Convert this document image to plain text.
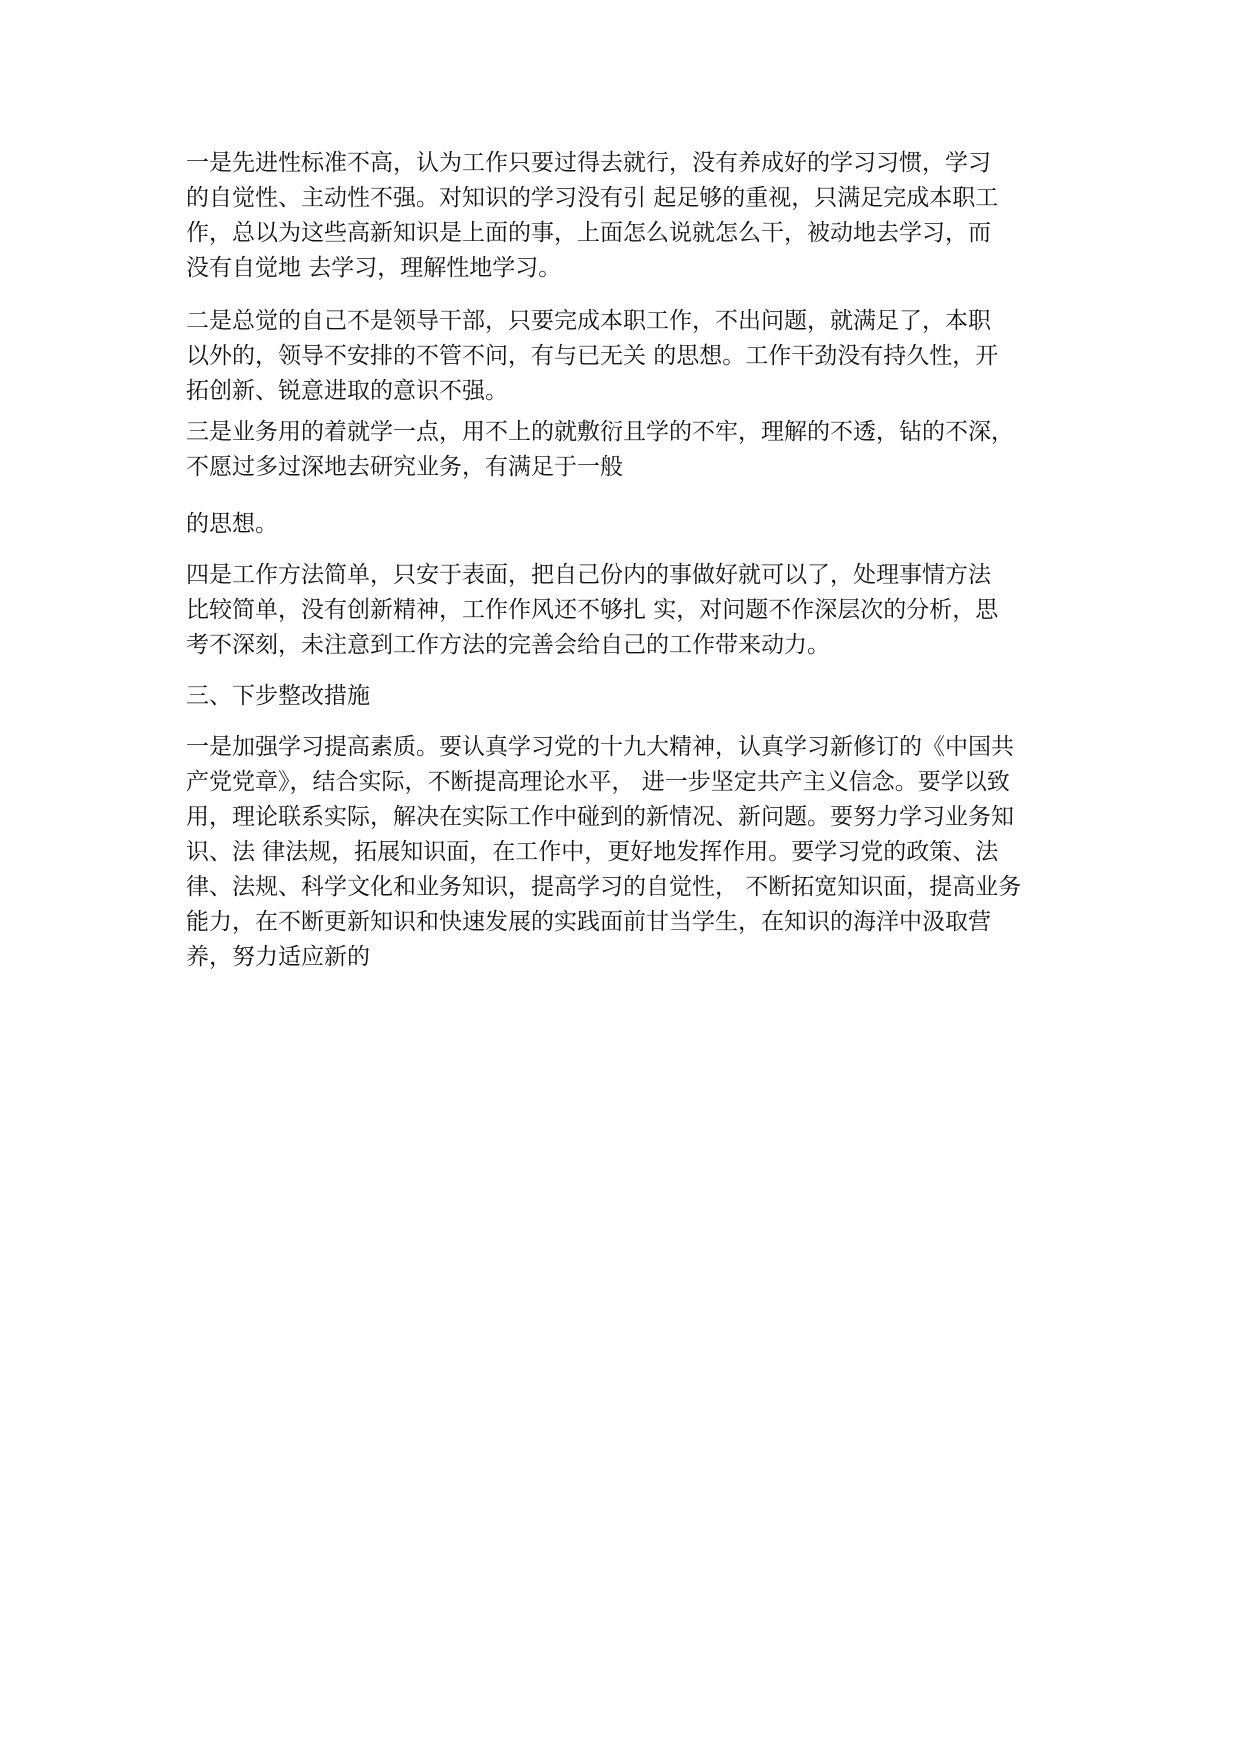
一是先进性标准不高，认为工作只要过得去就行，没有养成好的学习习惯，学习
的自觉性、主动性不强。对知识的学习没有引 起足够的重视，只满足完成本职工
作，总以为这些高新知识是上面的事，上面怎么说就怎么干，被动地去学习，而
没有自觉地 去学习，理解性地学习。

二是总觉的自己不是领导干部，只要完成本职工作，不出问题，就满足了，本职
以外的，领导不安排的不管不问，有与已无关 的思想。工作干劲没有持久性，开
拓创新、锐意进取的意识不强。

三是业务用的着就学一点，用不上的就敷衍且学的不牢，理解的不透，钻的不深，
不愿过多过深地去研究业务，有满足于一般

的思想。

四是工作方法简单，只安于表面，把自己份内的事做好就可以了，处理事情方法
比较简单，没有创新精神，工作作风还不够扎 实，对问题不作深层次的分析，思
考不深刻，未注意到工作方法的完善会给自己的工作带来动力。

三、下步整改措施

一是加强学习提高素质。要认真学习党的十九大精神，认真学习新修订的《中国共
产党党章》，结合实际，不断提高理论水平， 进一步坚定共产主义信念。要学以致
用，理论联系实际，解决在实际工作中碰到的新情况、新问题。要努力学习业务知
识、法 律法规，拓展知识面，在工作中，更好地发挥作用。要学习党的政策、法
律、法规、科学文化和业务知识，提高学习的自觉性， 不断拓宽知识面，提高业务
能力，在不断更新知识和快速发展的实践面前甘当学生，在知识的海洋中汲取营
养，努力适应新的
